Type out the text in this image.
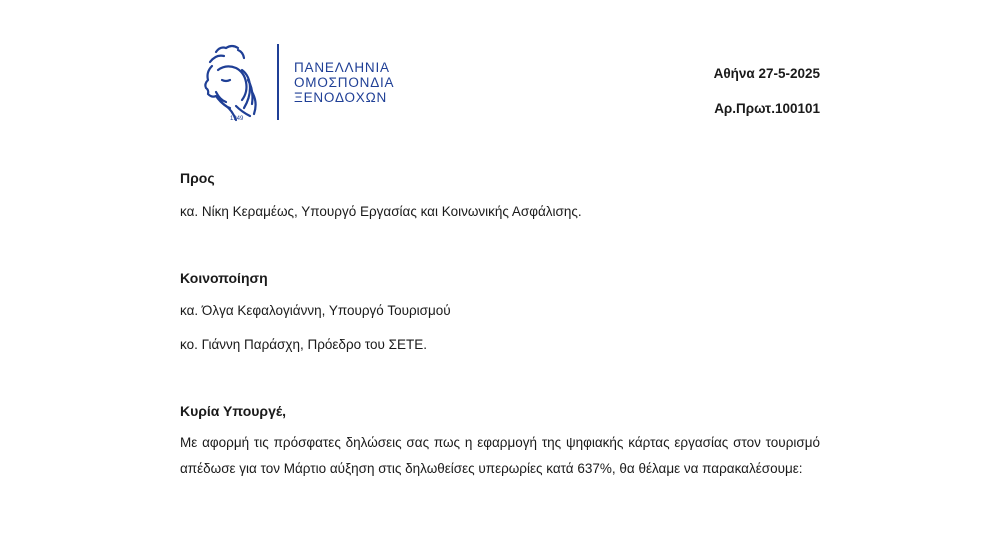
1949
ΠΑΝΕΛΛΗΝΙΑ
ΟΜΟΣΠΟΝΔΙΑ
ΞΕΝΟΔΟΧΩΝ
Αθήνα 27-5-2025
Αρ.Πρωτ.100101
Προς
κα. Νίκη Κεραμέως, Υπουργό Εργασίας και Κοινωνικής Ασφάλισης.
Κοινοποίηση
κα. Όλγα Κεφαλογιάννη, Υπουργό Τουρισμού
κο. Γιάννη Παράσχη, Πρόεδρο του ΣΕΤΕ.
Κυρία Υπουργέ,
Με αφορμή τις πρόσφατες δηλώσεις σας πως η εφαρμογή της ψηφιακής κάρτας εργασίας στον τουρισμό απέδωσε για τον Μάρτιο αύξηση στις δηλωθείσες υπερωρίες κατά 637%, θα θέλαμε να παρακαλέσουμε:
